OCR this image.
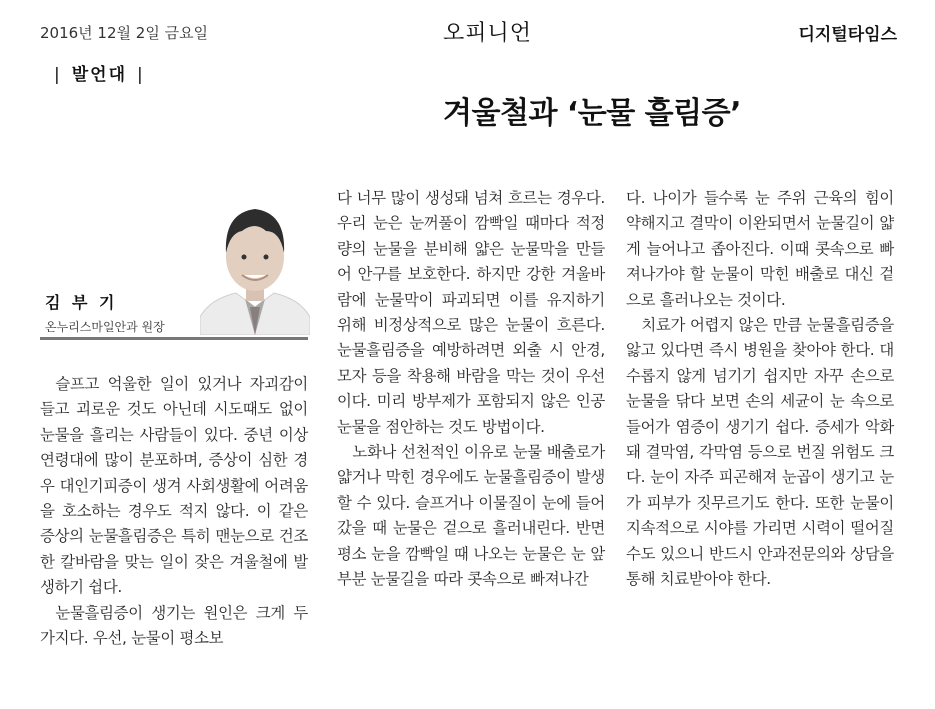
2016년 12월 2일 금요일	오피니언	디지털타임스
| 발언대 |
겨울철과 ‘눈물 흘림증’
김 부 기
온누리스마일안과 원장

슬프고 억울한 일이 있거나 자괴감이 들고 괴로운 것도 아닌데 시도때도 없이 눈물을 흘리는 사람들이 있다. 중년 이상 연령대에 많이 분포하며, 증상이 심한 경우 대인기피증이 생겨 사회생활에 어려움을 호소하는 경우도 적지 않다. 이 같은 증상의 눈물흘림증은 특히 맨눈으로 건조한 칼바람을 맞는 일이 잦은 겨울철에 발생하기 쉽다.

눈물흘림증이 생기는 원인은 크게 두 가지다. 우선, 눈물이 평소보

다 너무 많이 생성돼 넘쳐 흐르는 경우다. 우리 눈은 눈꺼풀이 깜빡일 때마다 적정량의 눈물을 분비해 얇은 눈물막을 만들어 안구를 보호한다. 하지만 강한 겨울바람에 눈물막이 파괴되면 이를 유지하기 위해 비정상적으로 많은 눈물이 흐른다. 눈물흘림증을 예방하려면 외출 시 안경, 모자 등을 착용해 바람을 막는 것이 우선이다. 미리 방부제가 포함되지 않은 인공눈물을 점안하는 것도 방법이다.

노화나 선천적인 이유로 눈물 배출로가 얇거나 막힌 경우에도 눈물흘림증이 발생할 수 있다. 슬프거나 이물질이 눈에 들어갔을 때 눈물은 겉으로 흘러내린다. 반면 평소 눈을 깜빡일 때 나오는 눈물은 눈 앞부분 눈물길을 따라 콧속으로 빠져나간

다. 나이가 들수록 눈 주위 근육의 힘이 약해지고 결막이 이완되면서 눈물길이 얇게 늘어나고 좁아진다. 이때 콧속으로 빠져나가야 할 눈물이 막힌 배출로 대신 겉으로 흘러나오는 것이다.

치료가 어렵지 않은 만큼 눈물흘림증을 앓고 있다면 즉시 병원을 찾아야 한다. 대수롭지 않게 넘기기 쉽지만 자꾸 손으로 눈물을 닦다 보면 손의 세균이 눈 속으로 들어가 염증이 생기기 쉽다. 증세가 악화돼 결막염, 각막염 등으로 번질 위험도 크다. 눈이 자주 피곤해져 눈곱이 생기고 눈가 피부가 짓무르기도 한다. 또한 눈물이 지속적으로 시야를 가리면 시력이 떨어질 수도 있으니 반드시 안과전문의와 상담을 통해 치료받아야 한다.
